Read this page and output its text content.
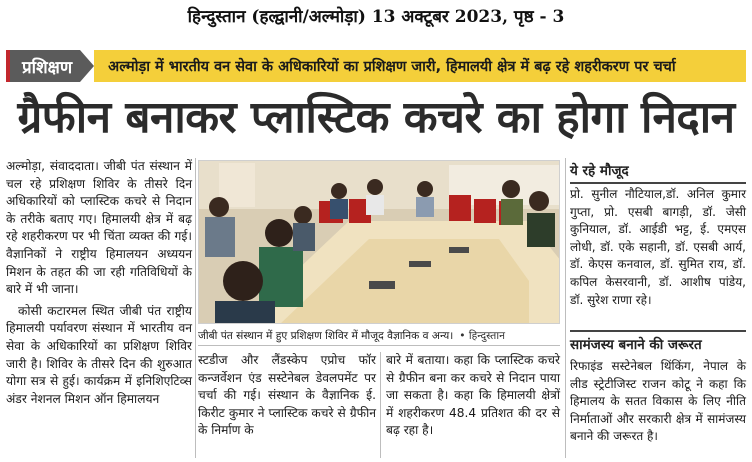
हिन्दुस्तान (हल्द्वानी/अल्मोड़ा) 13 अक्टूबर 2023, पृष्ठ - 3
प्रशिक्षण	अल्मोड़ा में भारतीय वन सेवा के अधिकारियों का प्रशिक्षण जारी, हिमालयी क्षेत्र में बढ़ रहे शहरीकरण पर चर्चा
ग्रैफीन बनाकर प्लास्टिक कचरे का होगा निदान

अल्मोड़ा, संवाददाता। जीबी पंत संस्थान में चल रहे प्रशिक्षण शिविर के तीसरे दिन अधिकारियों को प्लास्टिक कचरे से निदान के तरीके बताए गए। हिमालयी क्षेत्र में बढ़ रहे शहरीकरण पर भी चिंता व्यक्त की गई। वैज्ञानिकों ने राष्ट्रीय हिमालयन अध्ययन मिशन के तहत की जा रही गतिविधियों के बारे में भी जाना।

कोसी कटारमल स्थित जीबी पंत राष्ट्रीय हिमालयी पर्यावरण संस्थान में भारतीय वन सेवा के अधिकारियों का प्रशिक्षण शिविर जारी है। शिविर के तीसरे दिन की शुरुआत योगा सत्र से हुई। कार्यक्रम में इनिशिएटिव्स अंडर नेशनल मिशन ऑन हिमालयन

जीबी पंत संस्थान में हुए प्रशिक्षण शिविर में मौजूद वैज्ञानिक व अन्य। • हिन्दुस्तान

स्टडीज और लैंडस्केप एप्रोच फॉर कन्जर्वेशन एंड सस्टेनेबल डेवलपमेंट पर चर्चा की गई। संस्थान के वैज्ञानिक ई. किरीट कुमार ने प्लास्टिक कचरे से ग्रैफीन के निर्माण के

बारे में बताया। कहा कि प्लास्टिक कचरे से ग्रैफीन बना कर कचरे से निदान पाया जा सकता है। कहा कि हिमालयी क्षेत्रों में शहरीकरण 48.4 प्रतिशत की दर से बढ़ रहा है।

ये रहे मौजूद
प्रो. सुनील नौटियाल,डॉ. अनिल कुमार गुप्ता, प्रो. एसबी बागड़ी, डॉ. जेसी कुनियाल, डॉ. आईडी भट्ट, ई. एमएस लोधी, डॉ. एके सहानी, डॉ. एसबी आर्य, डॉ. केएस कनवाल, डॉ. सुमित राय, डॉ. कपिल केसरवानी, डॉ. आशीष पांडेय, डॉ. सुरेश राणा रहे।
सामंजस्य बनाने की जरूरत
रिफाइंड सस्टेनेबल थिंकिंग, नेपाल के लीड स्ट्रेटीजिस्ट राजन कोटू ने कहा कि हिमालय के सतत विकास के लिए नीति निर्माताओं और सरकारी क्षेत्र में सामंजस्य बनाने की जरूरत है।
